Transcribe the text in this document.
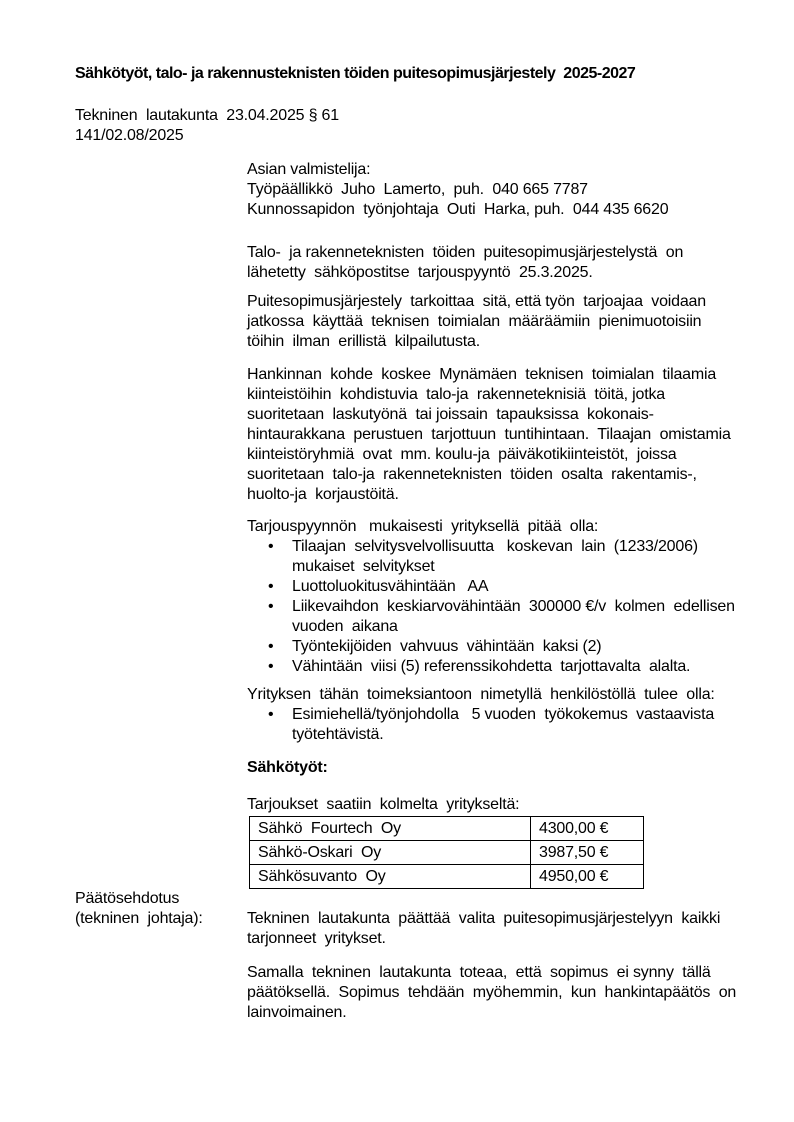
Sähkötyöt, talo- ja rakennusteknisten töiden puitesopimusjärjestely  2025-2027
Tekninen  lautakunta  23.04.2025 § 61
141/02.08/2025
Asian valmistelija:
Työpäällikkö  Juho  Lamerto,  puh.  040 665 7787
Kunnossapidon  työnjohtaja  Outi  Harka, puh.  044 435 6620
Talo-  ja rakenneteknisten  töiden  puitesopimusjärjestelystä  on
lähetetty  sähköpostitse  tarjouspyyntö  25.3.2025.
Puitesopimusjärjestely  tarkoittaa  sitä, että työn  tarjoajaa  voidaan
jatkossa  käyttää  teknisen  toimialan  määräämiin  pienimuotoisiin
töihin  ilman  erillistä  kilpailutusta.
Hankinnan  kohde  koskee  Mynämäen  teknisen  toimialan  tilaamia
kiinteistöihin  kohdistuvia  talo-ja  rakenneteknisiä  töitä, jotka
suoritetaan  laskutyönä  tai joissain  tapauksissa  kokonais-
hintaurakkana  perustuen  tarjottuun  tuntihintaan.  Tilaajan  omistamia
kiinteistöryhmiä  ovat  mm. koulu-ja  päiväkotikiinteistöt,  joissa
suoritetaan  talo-ja  rakenneteknisten  töiden  osalta  rakentamis-,
huolto-ja  korjaustöitä.
Tarjouspyynnön   mukaisesti  yrityksellä  pitää  olla:
•	Tilaajan  selvitysvelvollisuutta   koskevan  lain  (1233/2006)
mukaiset  selvitykset
•	Luottoluokitusvähintään   AA
•	Liikevaihdon  keskiarvovähintään  300000 €/v  kolmen  edellisen
vuoden  aikana
•	Työntekijöiden  vahvuus  vähintään  kaksi (2)
•	Vähintään  viisi (5) referenssikohdetta  tarjottavalta  alalta.
Yrityksen  tähän  toimeksiantoon  nimetyllä  henkilöstöllä  tulee  olla:
•	Esimiehellä/työnjohdolla   5 vuoden  työkokemus  vastaavista
työtehtävistä.
Sähkötyöt:
Tarjoukset  saatiin  kolmelta  yritykseltä:
Sähkö  Fourtech  Oy	4300,00 €
Sähkö-Oskari  Oy	3987,50 €
Sähkösuvanto  Oy	4950,00 €
Päätösehdotus
(tekninen  johtaja):	Tekninen  lautakunta  päättää  valita  puitesopimusjärjestelyyn  kaikki
tarjonneet  yritykset.
Samalla  tekninen  lautakunta  toteaa,  että  sopimus  ei synny  tällä
päätöksellä.  Sopimus  tehdään  myöhemmin,  kun  hankintapäätös  on
lainvoimainen.
